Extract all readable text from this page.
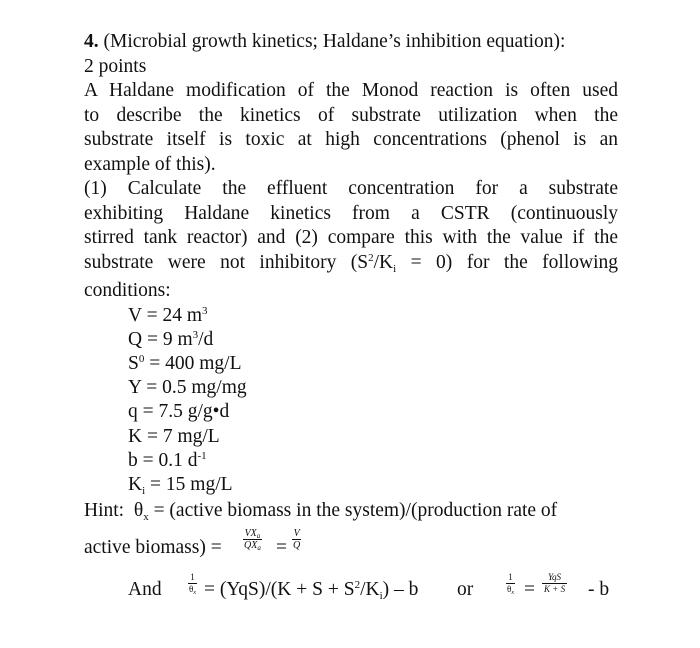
4. (Microbial growth kinetics; Haldane’s inhibition equation):
2 points
A Haldane modification of the Monod reaction is often used
to describe the kinetics of substrate utilization when the
substrate itself is toxic at high concentrations (phenol is an
example of this).
(1) Calculate the effluent concentration for a substrate
exhibiting Haldane kinetics from a CSTR (continuously
stirred tank reactor) and (2) compare this with the value if the
substrate were not inhibitory $(S^2/K_i = 0)$ for the following
conditions:
V = 24 $m^3$
Q = 9 $m^3/d$
$S^0 = 400$ mg/L
Y = 0.5 mg/mg
q = 7.5 g/g•d
K = 7 mg/L
b = 0.1 $d^{-1}$
$K_i = 15$ mg/L
Hint: $\theta_x$ = (active biomass in the system)/(production rate of
active biomass) =
$VX_a$
$QX_a = \frac{V}{Q}$
And	$\frac{1}{\theta_x} = (YqS)/(K + S + S^2/K_i) - b$ or	$\frac{1}{\theta_x}$ =
YqS
K + S - b
